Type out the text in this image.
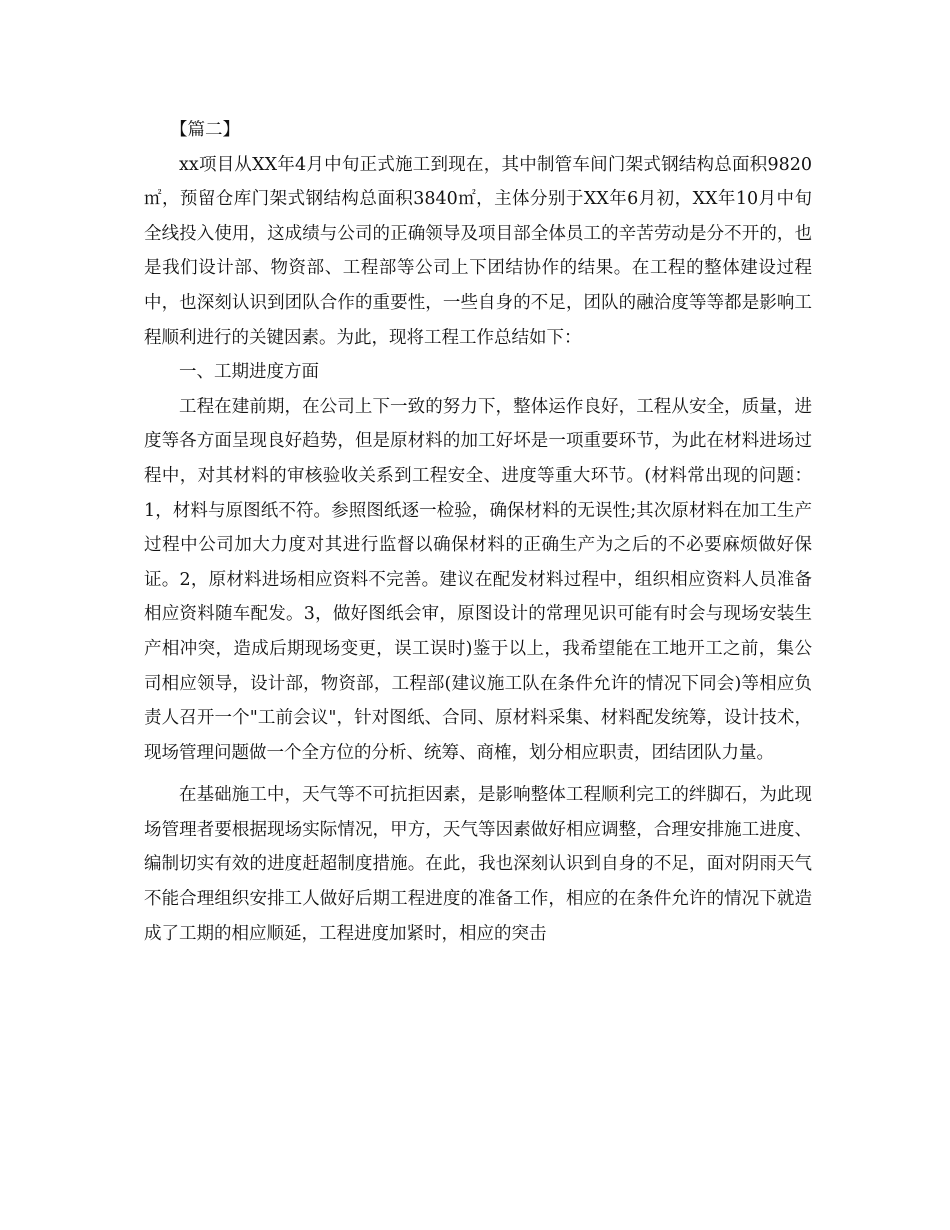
【篇二】

xx项目从XX年4月中旬正式施工到现在，其中制管车间门架式钢结构总面积9820㎡，预留仓库门架式钢结构总面积3840㎡，主体分别于XX年6月初，XX年10月中旬全线投入使用，这成绩与公司的正确领导及项目部全体员工的辛苦劳动是分不开的，也是我们设计部、物资部、工程部等公司上下团结协作的结果。在工程的整体建设过程中，也深刻认识到团队合作的重要性，一些自身的不足，团队的融洽度等等都是影响工程顺利进行的关键因素。为此，现将工程工作总结如下：

一、工期进度方面

工程在建前期，在公司上下一致的努力下，整体运作良好，工程从安全，质量，进度等各方面呈现良好趋势，但是原材料的加工好坏是一项重要环节，为此在材料进场过程中，对其材料的审核验收关系到工程安全、进度等重大环节。(材料常出现的问题：1，材料与原图纸不符。参照图纸逐一检验，确保材料的无误性;其次原材料在加工生产过程中公司加大力度对其进行监督以确保材料的正确生产为之后的不必要麻烦做好保证。2，原材料进场相应资料不完善。建议在配发材料过程中，组织相应资料人员准备相应资料随车配发。3，做好图纸会审，原图设计的常理见识可能有时会与现场安装生产相冲突，造成后期现场变更，误工误时)鉴于以上，我希望能在工地开工之前，集公司相应领导，设计部，物资部，工程部(建议施工队在条件允许的情况下同会)等相应负责人召开一个"工前会议"，针对图纸、合同、原材料采集、材料配发统筹，设计技术，现场管理问题做一个全方位的分析、统筹、商榷，划分相应职责，团结团队力量。

在基础施工中，天气等不可抗拒因素，是影响整体工程顺利完工的绊脚石，为此现场管理者要根据现场实际情况，甲方，天气等因素做好相应调整，合理安排施工进度、编制切实有效的进度赶超制度措施。在此，我也深刻认识到自身的不足，面对阴雨天气不能合理组织安排工人做好后期工程进度的准备工作，相应的在条件允许的情况下就造成了工期的相应顺延，工程进度加紧时，相应的突击
